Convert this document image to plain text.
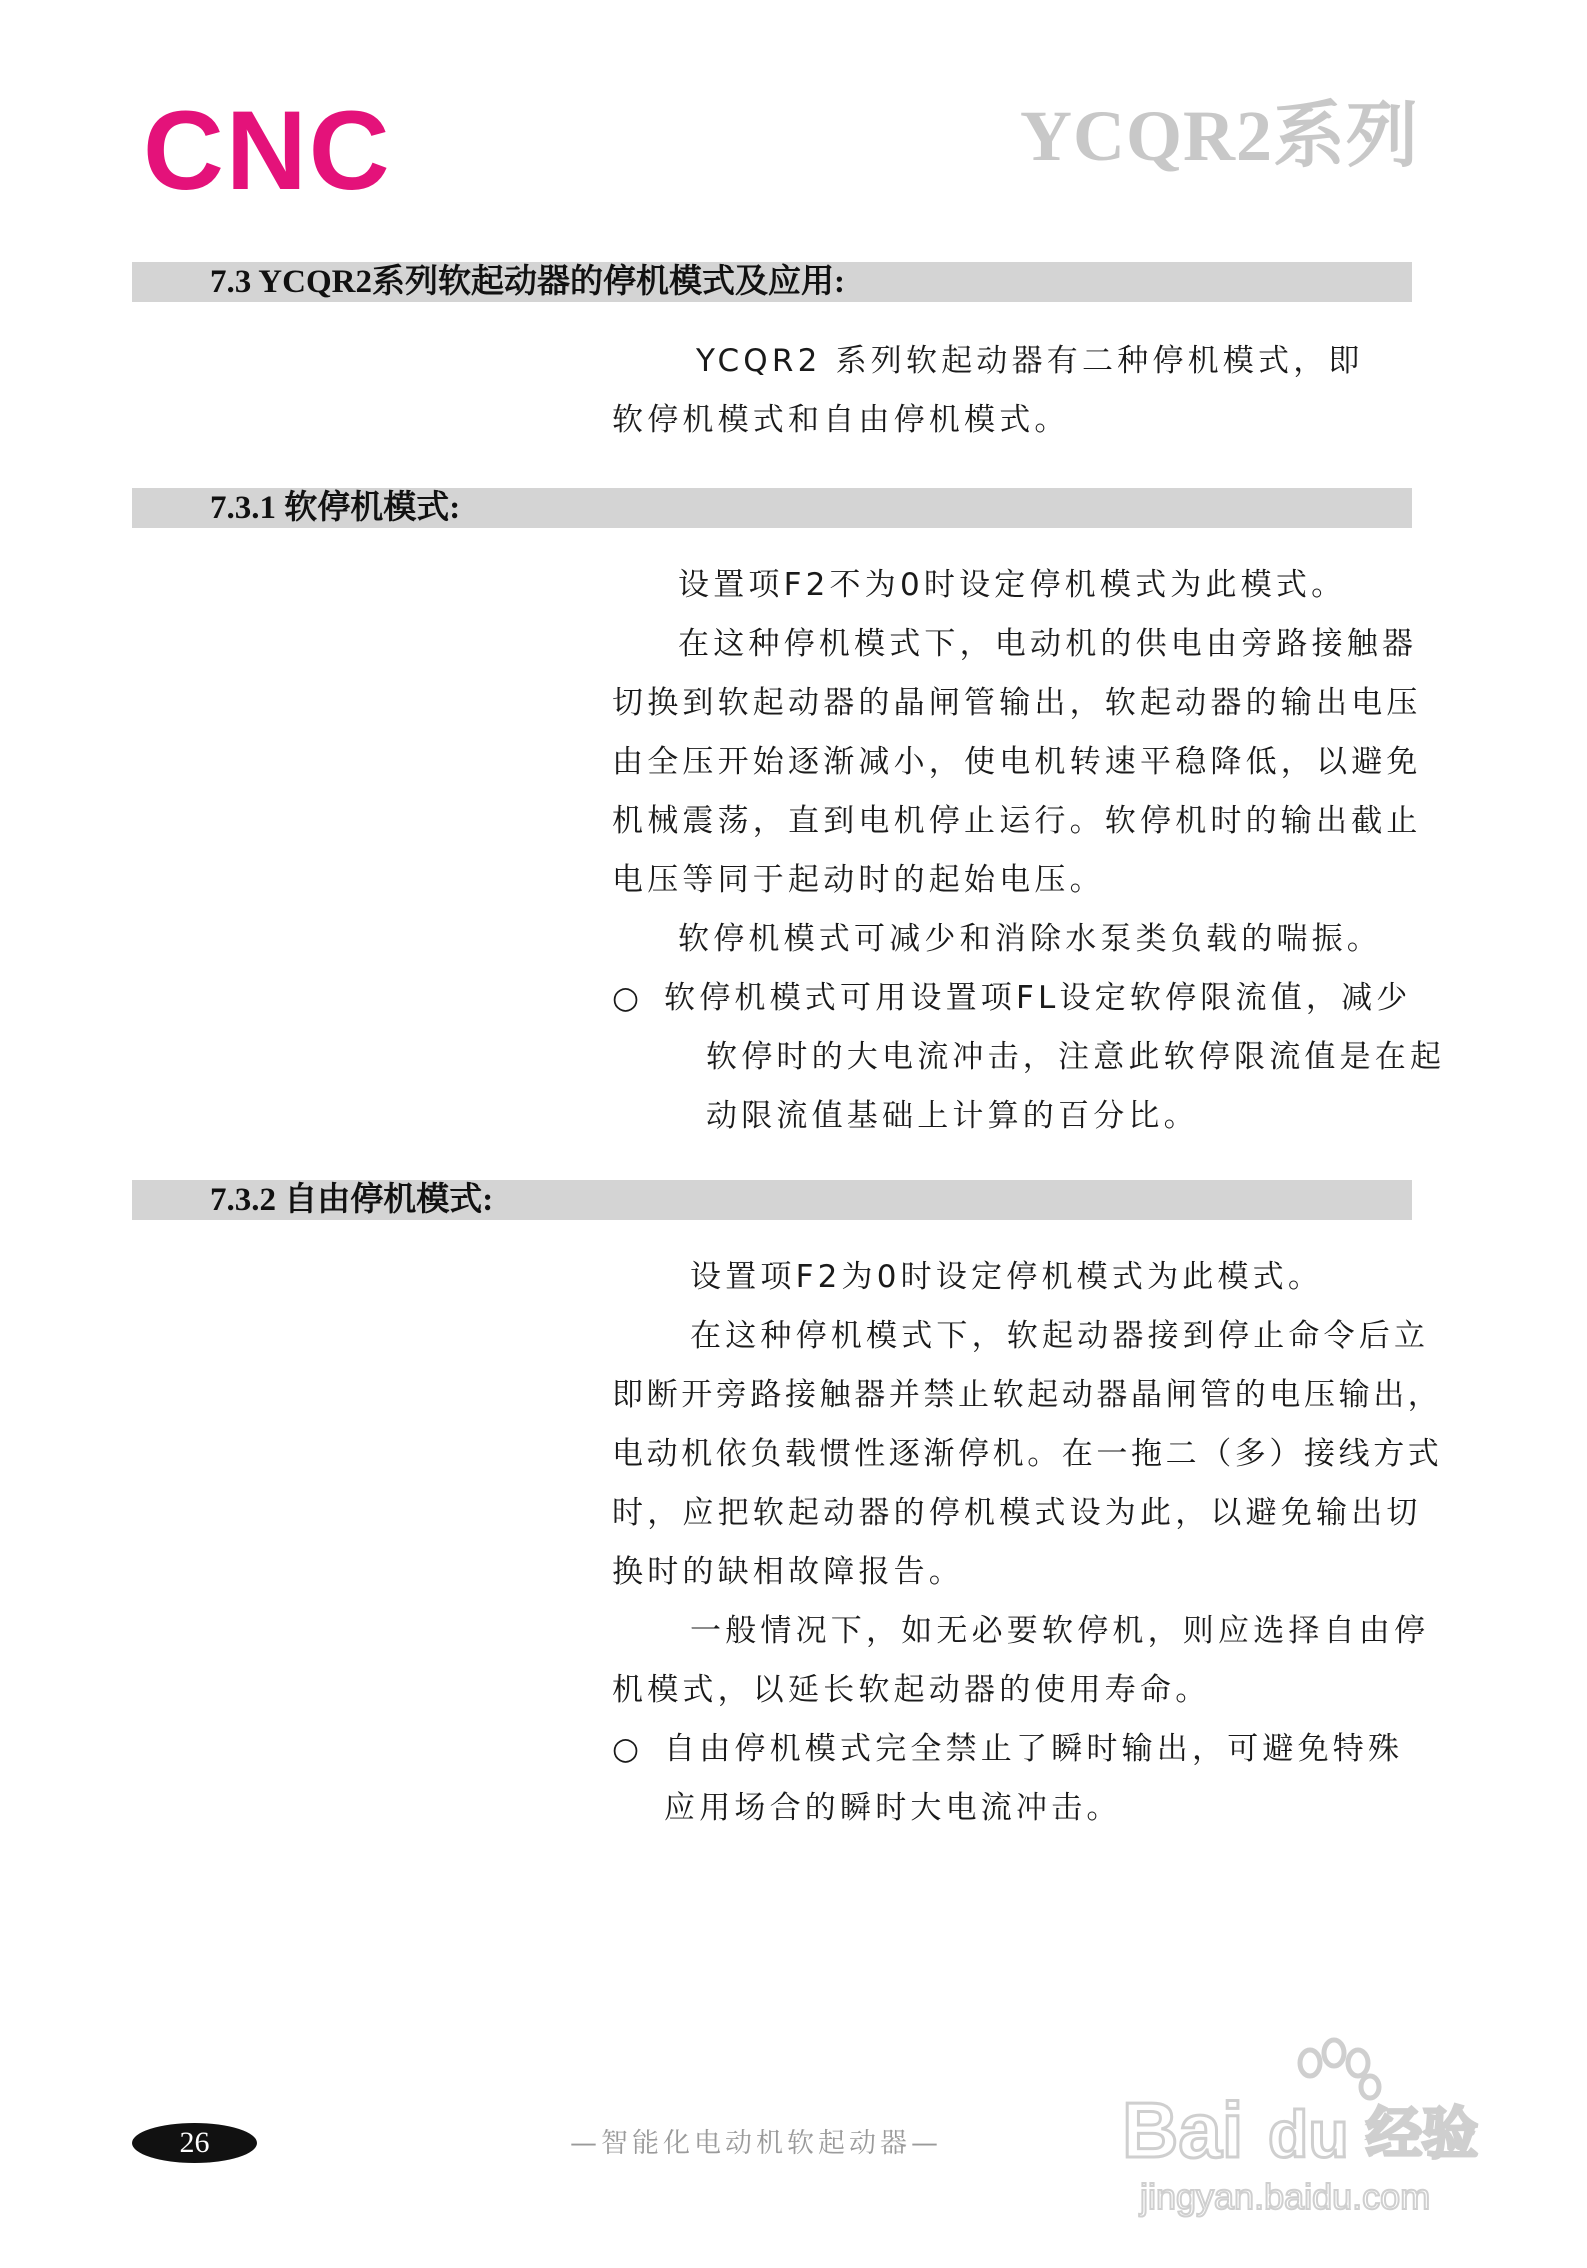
CNC	YCQR2系列
7.3 YCQR2系列软起动器的停机模式及应用:
YCQR2 系列软起动器有二种停机模式，即
软停机模式和自由停机模式。
7.3.1 软停机模式:
设置项F2不为0时设定停机模式为此模式。
在这种停机模式下，电动机的供电由旁路接触器
切换到软起动器的晶闸管输出，软起动器的输出电压
由全压开始逐渐减小，使电机转速平稳降低，以避免
机械震荡，直到电机停止运行。软停机时的输出截止
电压等同于起动时的起始电压。
软停机模式可减少和消除水泵类负载的喘振。
○ 软停机模式可用设置项FL设定软停限流值，减少
软停时的大电流冲击，注意此软停限流值是在起
动限流值基础上计算的百分比。
7.3.2 自由停机模式:
设置项F2为0时设定停机模式为此模式。
在这种停机模式下，软起动器接到停止命令后立
即断开旁路接触器并禁止软起动器晶闸管的电压输出，
电动机依负载惯性逐渐停机。在一拖二（多）接线方式
时，应把软起动器的停机模式设为此，以避免输出切
换时的缺相故障报告。
一般情况下，如无必要软停机，则应选择自由停
机模式，以延长软起动器的使用寿命。
○ 自由停机模式完全禁止了瞬时输出，可避免特殊
应用场合的瞬时大电流冲击。
26	—智能化电动机软起动器— Bai du 经验
jingyan.baidu.com
